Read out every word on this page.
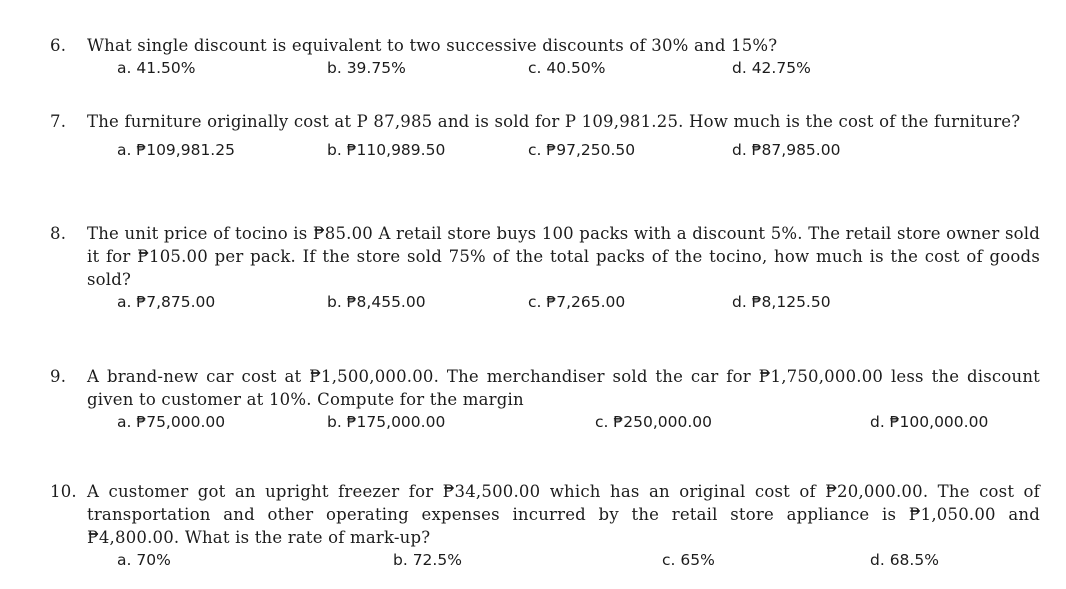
6.	What single discount is equivalent to two successive discounts of 30% and 15%?
a. 41.50%	b. 39.75%	c. 40.50%	d. 42.75%
7.	The furniture originally cost at P 87,985 and is sold for P 109,981.25. How much is the cost of the furniture?
a. ₱109,981.25	b. ₱110,989.50	c. ₱97,250.50	d. ₱87,985.00
8.	The unit price of tocino is ₱85.00 A retail store buys 100 packs with a discount 5%. The retail store owner sold it for ₱105.00 per pack. If the store sold 75% of the total packs of the tocino, how much is the cost of goods sold?
a. ₱7,875.00	b. ₱8,455.00	c. ₱7,265.00	d. ₱8,125.50
9.	A brand-new car cost at ₱1,500,000.00. The merchandiser sold the car for ₱1,750,000.00 less the discount given to customer at 10%. Compute for the margin
a. ₱75,000.00	b. ₱175,000.00	c. ₱250,000.00	d. ₱100,000.00
10. A customer got an upright freezer for ₱34,500.00 which has an original cost of ₱20,000.00. The cost of transportation and other operating expenses incurred by the retail store appliance is ₱1,050.00 and ₱4,800.00. What is the rate of mark-up?
a. 70%	b. 72.5%	c. 65%	d. 68.5%
